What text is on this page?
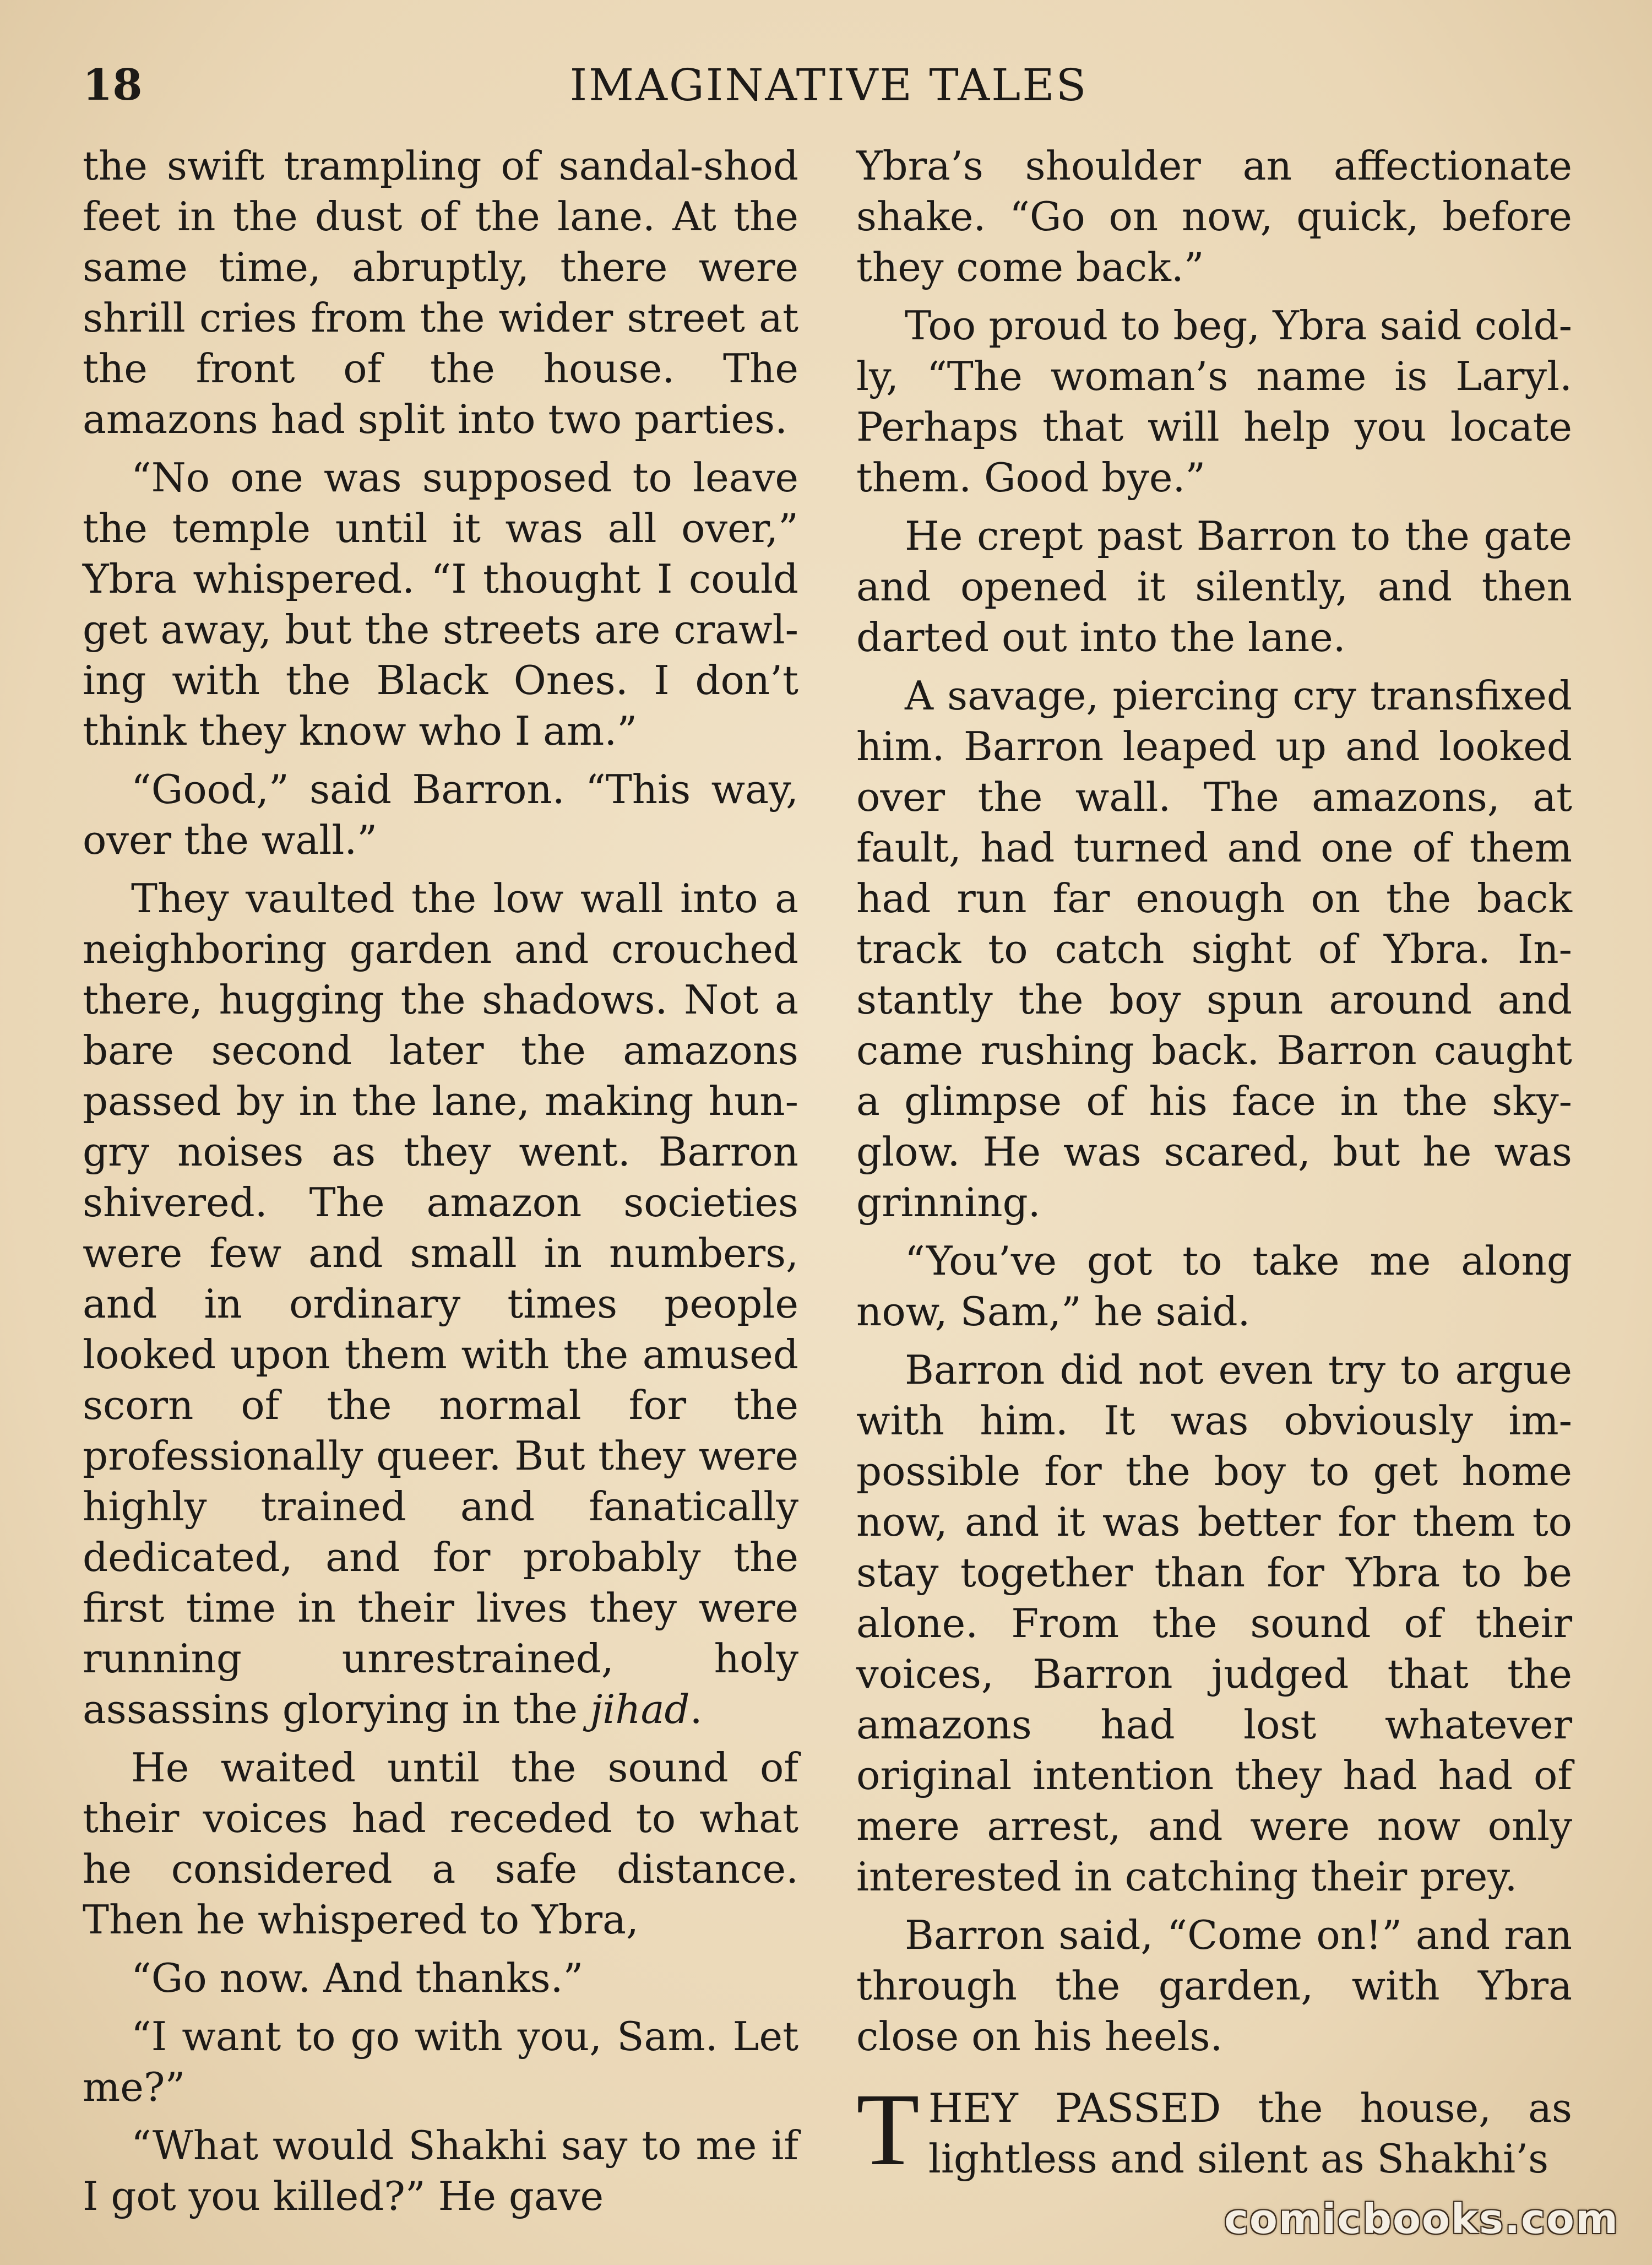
18	IMAGINATIVE TALES

the swift trampling of sandal-shod feet in the dust of the lane. At the same time, abruptly, there were shrill cries from the wider street at the front of the house. The amazons had split into two parties.

“No one was supposed to leave the temple until it was all over,” Ybra whispered. “I thought I could get away, but the streets are crawling with the Black Ones. I don’t think they know who I am.”

“Good,” said Barron. “This way, over the wall.”

They vaulted the low wall into a neighboring garden and crouched there, hugging the shadows. Not a bare second later the amazons passed by in the lane, making hungry noises as they went. Barron shivered. The amazon societies were few and small in numbers, and in ordinary times people looked upon them with the amused scorn of the normal for the professionally queer. But they were highly trained and fanatically dedicated, and for probably the first time in their lives they were running unrestrained, holy assassins glorying in the jihad.

He waited until the sound of their voices had receded to what he considered a safe distance. Then he whispered to Ybra,

“Go now. And thanks.”

“I want to go with you, Sam. Let me?”

“What would Shakhi say to me if I got you killed?” He gave

Ybra’s shoulder an affectionate shake. “Go on now, quick, before they come back.”

Too proud to beg, Ybra said coldly, “The woman’s name is Laryl. Perhaps that will help you locate them. Good bye.”

He crept past Barron to the gate and opened it silently, and then darted out into the lane.

A savage, piercing cry transfixed him. Barron leaped up and looked over the wall. The amazons, at fault, had turned and one of them had run far enough on the back track to catch sight of Ybra. Instantly the boy spun around and came rushing back. Barron caught a glimpse of his face in the skyglow. He was scared, but he was grinning.

“You’ve got to take me along now, Sam,” he said.

Barron did not even try to argue with him. It was obviously impossible for the boy to get home now, and it was better for them to stay together than for Ybra to be alone. From the sound of their voices, Barron judged that the amazons had lost whatever original intention they had had of mere arrest, and were now only interested in catching their prey.

Barron said, “Come on!” and ran through the garden, with Ybra close on his heels.

THEY PASSED the house, as lightless and silent as Shakhi’s

comicbooks.com
